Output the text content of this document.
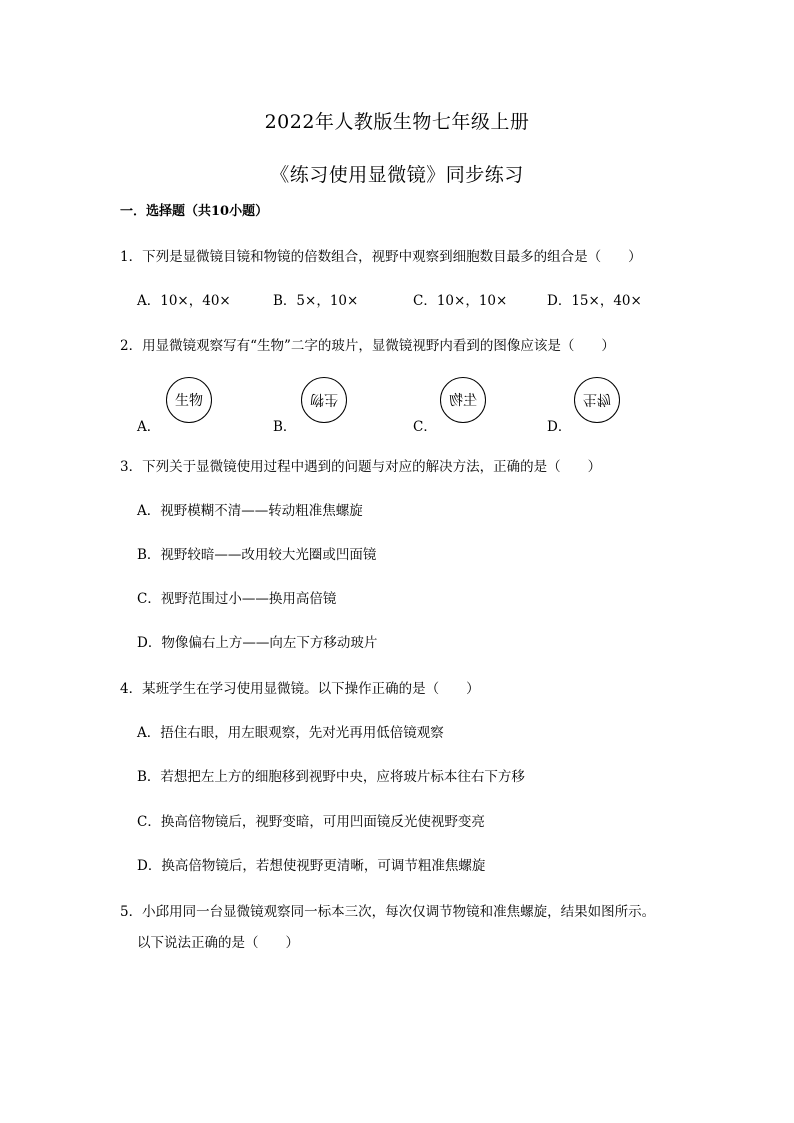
2022年人教版生物七年级上册
《练习使用显微镜》同步练习
一．选择题（共10小题）
1．下列是显微镜目镜和物镜的倍数组合，视野中观察到细胞数目最多的组合是（　　）
A．10×，40×	B．5×，10×	C．10×，10×	D．15×，40×
2．用显微镜观察写有“生物”二字的玻片，显微镜视野内看到的图像应该是（　　）
A．
生物
B．
生物
C．
生物
D．
生物
3．下列关于显微镜使用过程中遇到的问题与对应的解决方法，正确的是（　　）
A．视野模糊不清——转动粗准焦螺旋
B．视野较暗——改用较大光圈或凹面镜
C．视野范围过小——换用高倍镜
D．物像偏右上方——向左下方移动玻片
4．某班学生在学习使用显微镜。以下操作正确的是（　　）
A．捂住右眼，用左眼观察，先对光再用低倍镜观察
B．若想把左上方的细胞移到视野中央，应将玻片标本往右下方移
C．换高倍物镜后，视野变暗，可用凹面镜反光使视野变亮
D．换高倍物镜后，若想使视野更清晰，可调节粗准焦螺旋
5．小邱用同一台显微镜观察同一标本三次，每次仅调节物镜和准焦螺旋，结果如图所示。
以下说法正确的是（　　）
